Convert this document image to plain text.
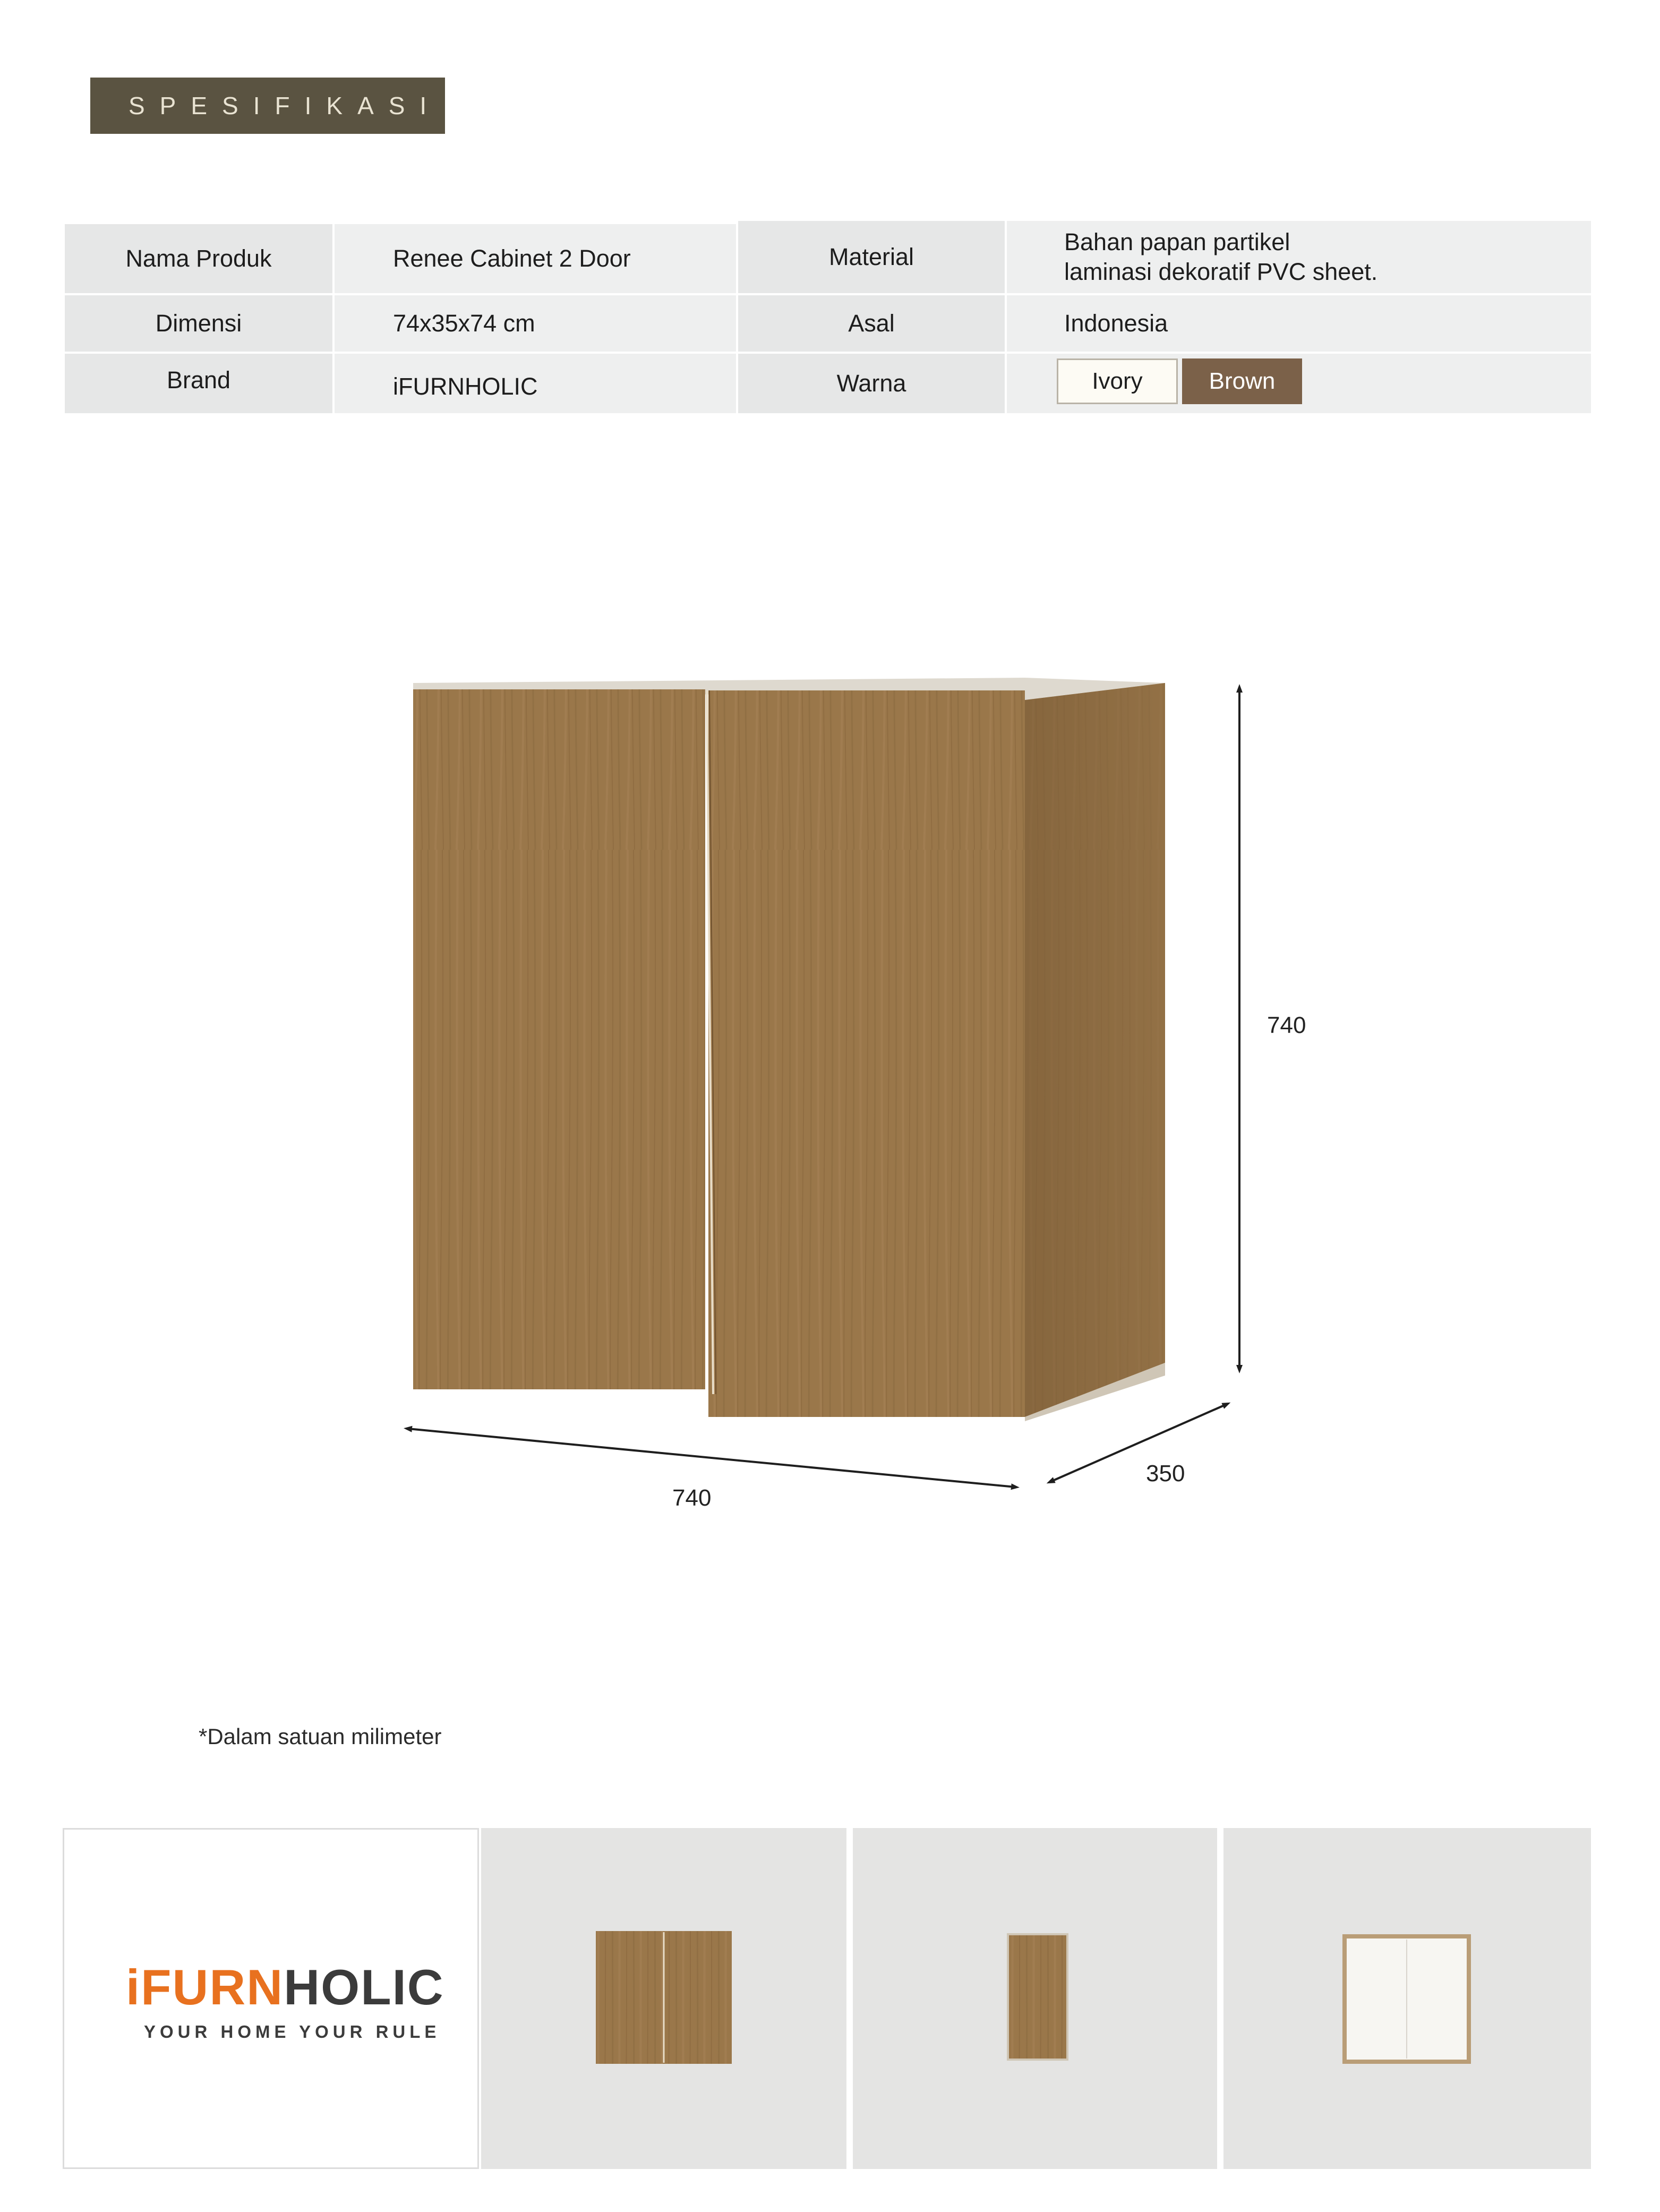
SPESIFIKASI
Nama Produk	Renee Cabinet 2 Door	Material
Bahan papan partikel
laminasi dekoratif PVC sheet.
Dimensi	74x35x74 cm	Asal	Indonesia
Brand	iFURNHOLIC	Warna	Ivory	Brown
740
740
350
*Dalam satuan milimeter
iFURNHOLIC
YOUR HOME YOUR RULE
